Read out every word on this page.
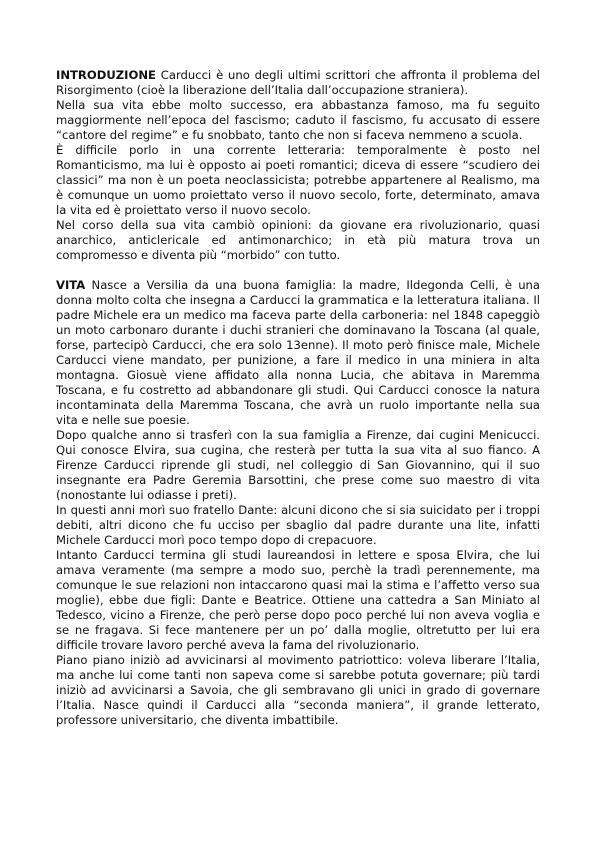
INTRODUZIONE Carducci è uno degli ultimi scrittori che affronta il problema del Risorgimento (cioè la liberazione dell’Italia dall’occupazione straniera).

Nella sua vita ebbe molto successo, era abbastanza famoso, ma fu seguito maggiormente nell’epoca del fascismo; caduto il fascismo, fu accusato di essere “cantore del regime” e fu snobbato, tanto che non si faceva nemmeno a scuola.

È difficile porlo in una corrente letteraria: temporalmente è posto nel Romanticismo, ma lui è opposto ai poeti romantici; diceva di essere “scudiero dei classici” ma non è un poeta neoclassicista; potrebbe appartenere al Realismo, ma è comunque un uomo proiettato verso il nuovo secolo, forte, determinato, amava la vita ed è proiettato verso il nuovo secolo.

Nel corso della sua vita cambiò opinioni: da giovane era rivoluzionario, quasi anarchico, anticlericale ed antimonarchico; in età più matura trova un compromesso e diventa più “morbido” con tutto.

VITA Nasce a Versilia da una buona famiglia: la madre, Ildegonda Celli, è una donna molto colta che insegna a Carducci la grammatica e la letteratura italiana. Il padre Michele era un medico ma faceva parte della carboneria: nel 1848 capeggiò un moto carbonaro durante i duchi stranieri che dominavano la Toscana (al quale, forse, partecipò Carducci, che era solo 13enne). Il moto però finisce male, Michele Carducci viene mandato, per punizione, a fare il medico in una miniera in alta montagna. Giosuè viene affidato alla nonna Lucia, che abitava in Maremma Toscana, e fu costretto ad abbandonare gli studi. Qui Carducci conosce la natura incontaminata della Maremma Toscana, che avrà un ruolo importante nella sua vita e nelle sue poesie.

Dopo qualche anno si trasferì con la sua famiglia a Firenze, dai cugini Menicucci. Qui conosce Elvira, sua cugina, che resterà per tutta la sua vita al suo fianco. A Firenze Carducci riprende gli studi, nel colleggio di San Giovannino, qui il suo insegnante era Padre Geremia Barsottini, che prese come suo maestro di vita (nonostante lui odiasse i preti).

In questi anni morì suo fratello Dante: alcuni dicono che si sia suicidato per i troppi debiti, altri dicono che fu ucciso per sbaglio dal padre durante una lite, infatti Michele Carducci morì poco tempo dopo di crepacuore.

Intanto Carducci termina gli studi laureandosi in lettere e sposa Elvira, che lui amava veramente (ma sempre a modo suo, perchè la tradì perennemente, ma comunque le sue relazioni non intaccarono quasi mai la stima e l’affetto verso sua moglie), ebbe due figli: Dante e Beatrice. Ottiene una cattedra a San Miniato al Tedesco, vicino a Firenze, che però perse dopo poco perché lui non aveva voglia e se ne fragava. Si fece mantenere per un po’ dalla moglie, oltretutto per lui era difficile trovare lavoro perché aveva la fama del rivoluzionario.

Piano piano iniziò ad avvicinarsi al movimento patriottico: voleva liberare l’Italia, ma anche lui come tanti non sapeva come si sarebbe potuta governare; più tardi iniziò ad avvicinarsi a Savoia, che gli sembravano gli unici in grado di governare l’Italia. Nasce quindi il Carducci alla “seconda maniera”, il grande letterato, professore universitario, che diventa imbattibile.
